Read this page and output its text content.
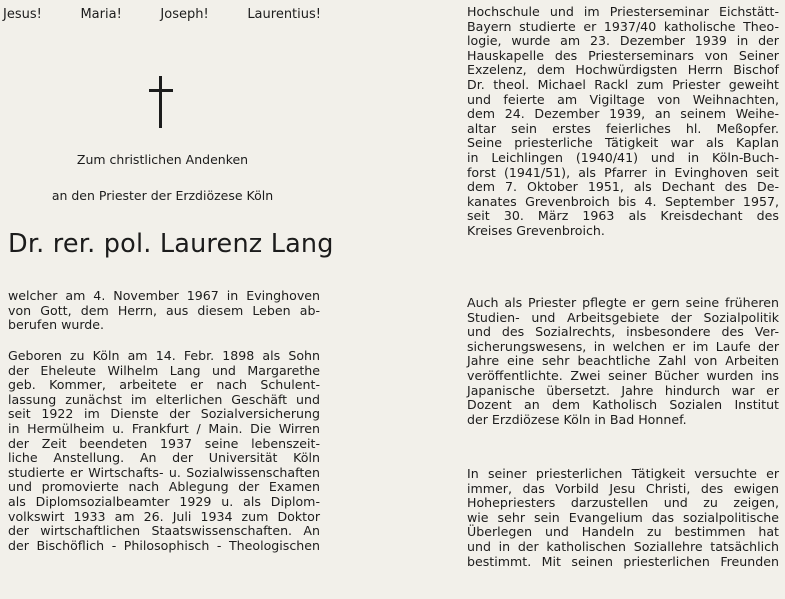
Jesus!	Maria!	Joseph!	Laurentius!
Zum christlichen Andenken
an den Priester der Erzdiözese Köln
Dr. rer. pol. Laurenz Lang
welcher am 4. November 1967 in Evinghoven
von Gott, dem Herrn, aus diesem Leben ab-
berufen wurde.
Geboren zu Köln am 14. Febr. 1898 als Sohn
der Eheleute Wilhelm Lang und Margarethe
geb. Kommer, arbeitete er nach Schulent-
lassung zunächst im elterlichen Geschäft und
seit 1922 im Dienste der Sozialversicherung
in Hermülheim u. Frankfurt / Main. Die Wirren
der Zeit beendeten 1937 seine lebenszeit-
liche Anstellung. An der Universität Köln
studierte er Wirtschafts- u. Sozialwissenschaften
und promovierte nach Ablegung der Examen
als Diplomsozialbeamter 1929 u. als Diplom-
volkswirt 1933 am 26. Juli 1934 zum Doktor
der wirtschaftlichen Staatswissenschaften. An
der Bischöflich - Philosophisch - Theologischen
Hochschule und im Priesterseminar Eichstätt-
Bayern studierte er 1937/40 katholische Theo-
logie, wurde am 23. Dezember 1939 in der
Hauskapelle des Priesterseminars von Seiner
Exzelenz, dem Hochwürdigsten Herrn Bischof
Dr. theol. Michael Rackl zum Priester geweiht
und feierte am Vigiltage von Weihnachten,
dem 24. Dezember 1939, an seinem Weihe-
altar sein erstes feierliches hl. Meßopfer.
Seine priesterliche Tätigkeit war als Kaplan
in Leichlingen (1940/41) und in Köln-Buch-
forst (1941/51), als Pfarrer in Evinghoven seit
dem 7. Oktober 1951, als Dechant des De-
kanates Grevenbroich bis 4. September 1957,
seit 30. März 1963 als Kreisdechant des
Kreises Grevenbroich.
Auch als Priester pflegte er gern seine früheren
Studien- und Arbeitsgebiete der Sozialpolitik
und des Sozialrechts, insbesondere des Ver-
sicherungswesens, in welchen er im Laufe der
Jahre eine sehr beachtliche Zahl von Arbeiten
veröffentlichte. Zwei seiner Bücher wurden ins
Japanische übersetzt. Jahre hindurch war er
Dozent an dem Katholisch Sozialen Institut
der Erzdiözese Köln in Bad Honnef.
In seiner priesterlichen Tätigkeit versuchte er
immer, das Vorbild Jesu Christi, des ewigen
Hohepriesters darzustellen und zu zeigen,
wie sehr sein Evangelium das sozialpolitische
Überlegen und Handeln zu bestimmen hat
und in der katholischen Soziallehre tatsächlich
bestimmt. Mit seinen priesterlichen Freunden
